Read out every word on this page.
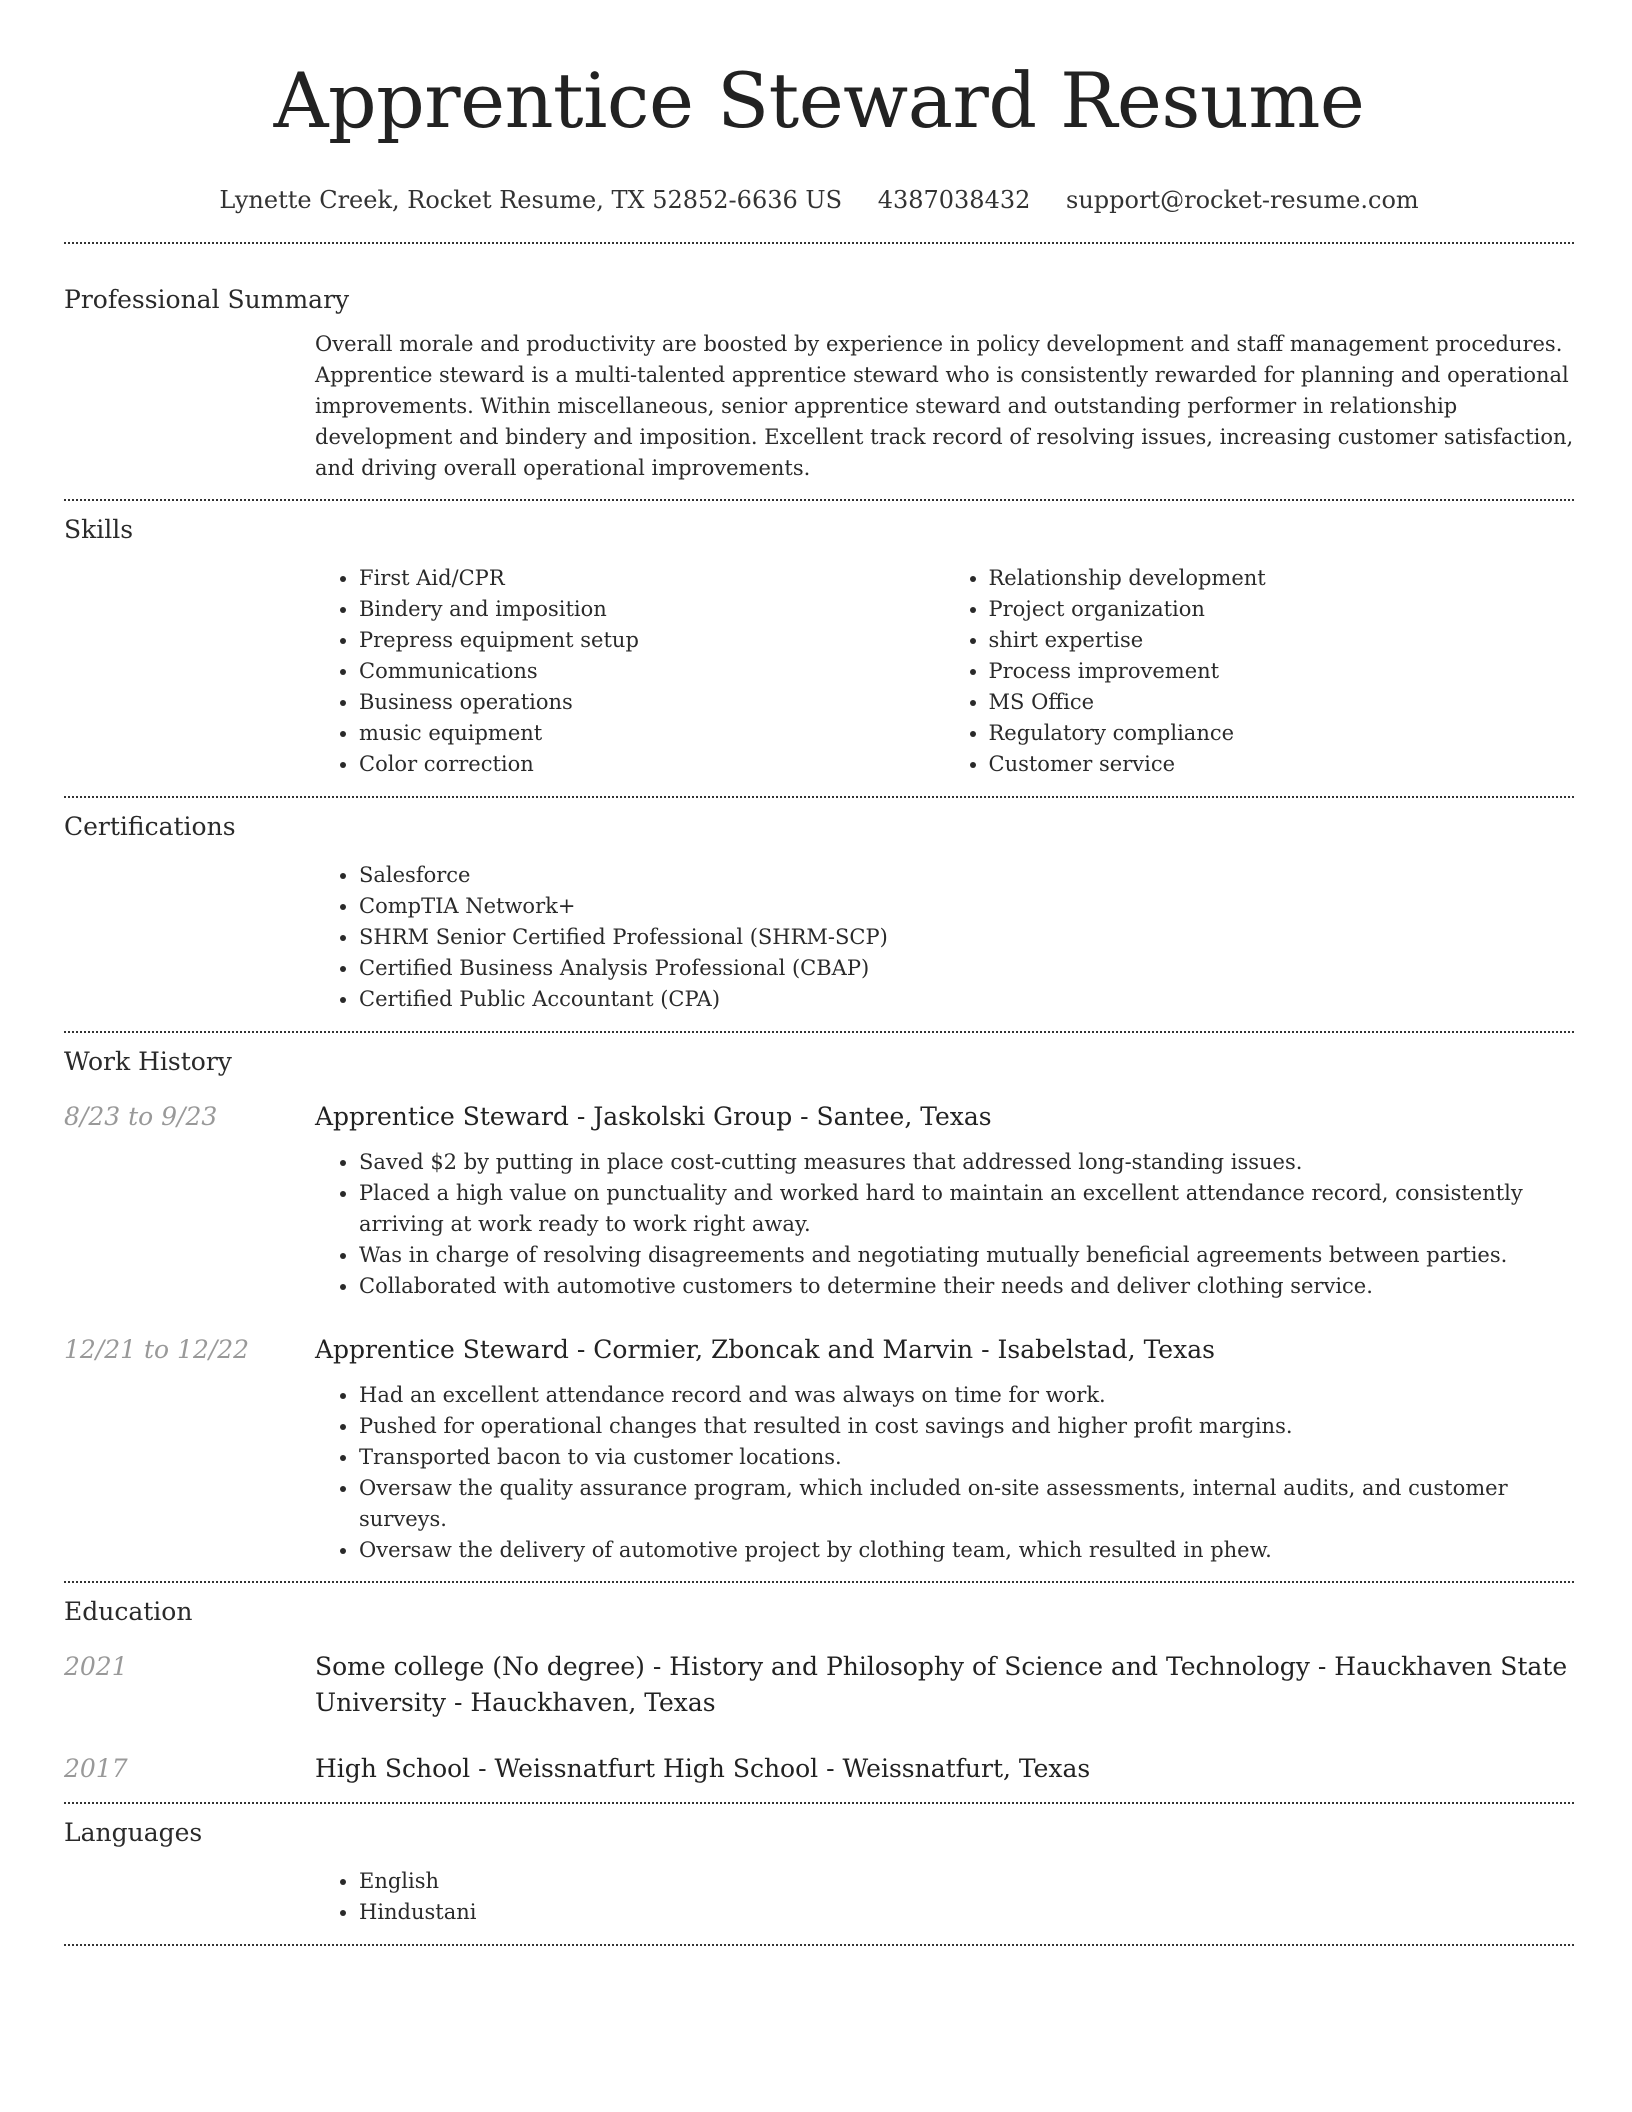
Apprentice Steward Resume
Lynette Creek, Rocket Resume, TX 52852-6636 US 4387038432 support@rocket-resume.com
Professional Summary
Overall morale and productivity are boosted by experience in policy development and staff management procedures. Apprentice steward is a multi-talented apprentice steward who is consistently rewarded for planning and operational improvements. Within miscellaneous, senior apprentice steward and outstanding performer in relationship development and bindery and imposition. Excellent track record of resolving issues, increasing customer satisfaction, and driving overall operational improvements.
Skills
• First Aid/CPR
• Bindery and imposition
• Prepress equipment setup
• Communications
• Business operations
• music equipment
• Color correction
• Relationship development
• Project organization
• shirt expertise
• Process improvement
• MS Office
• Regulatory compliance
• Customer service
Certifications
• Salesforce
• CompTIA Network+
• SHRM Senior Certified Professional (SHRM-SCP)
• Certified Business Analysis Professional (CBAP)
• Certified Public Accountant (CPA)
Work History
8/23 to 9/23	Apprentice Steward - Jaskolski Group - Santee, Texas
• Saved $2 by putting in place cost-cutting measures that addressed long-standing issues.
• Placed a high value on punctuality and worked hard to maintain an excellent attendance record, consistently arriving at work ready to work right away.
• Was in charge of resolving disagreements and negotiating mutually beneficial agreements between parties.
• Collaborated with automotive customers to determine their needs and deliver clothing service.
12/21 to 12/22	Apprentice Steward - Cormier, Zboncak and Marvin - Isabelstad, Texas
• Had an excellent attendance record and was always on time for work.
• Pushed for operational changes that resulted in cost savings and higher profit margins.
• Transported bacon to via customer locations.
• Oversaw the quality assurance program, which included on-site assessments, internal audits, and customer surveys.
• Oversaw the delivery of automotive project by clothing team, which resulted in phew.
Education
2021	Some college (No degree) - History and Philosophy of Science and Technology - Hauckhaven State University - Hauckhaven, Texas
2017	High School - Weissnatfurt High School - Weissnatfurt, Texas
Languages
• English
• Hindustani
